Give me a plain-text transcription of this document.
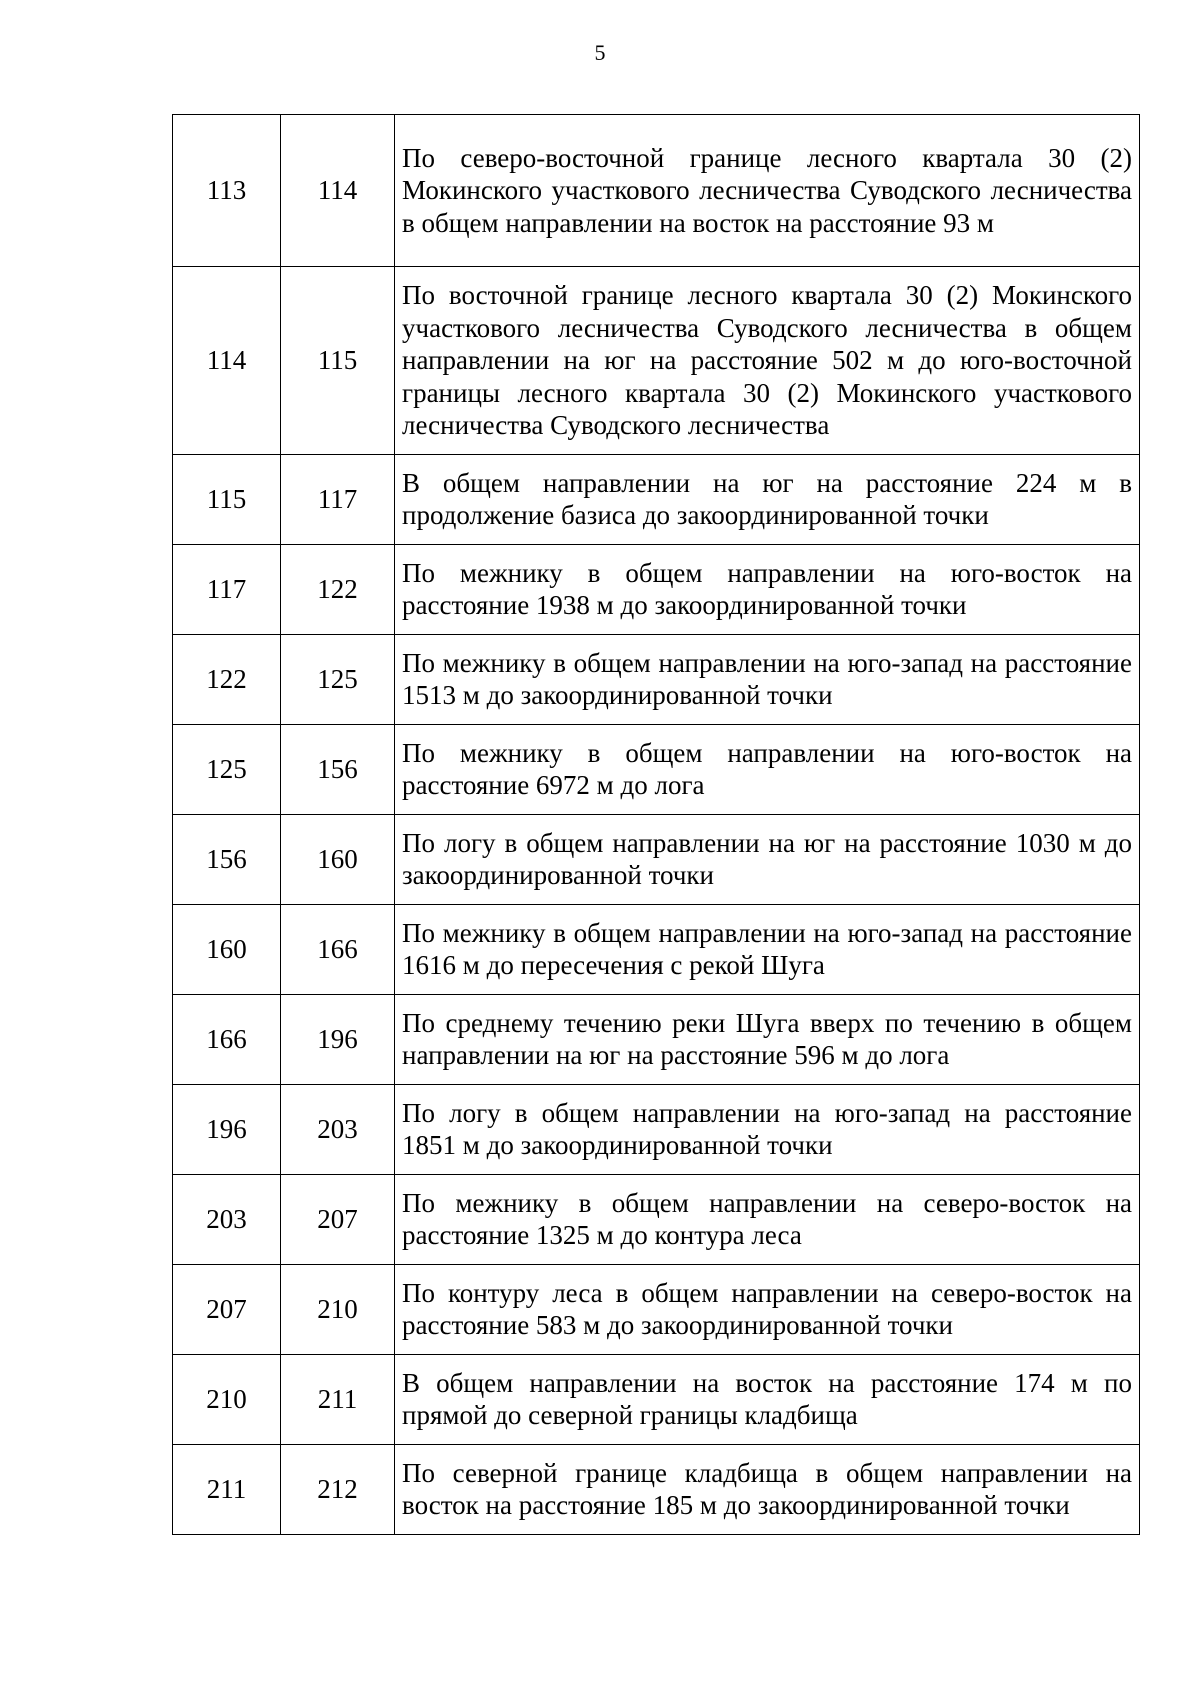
5
113	114	По северо-восточной границе лесного квартала 30 (2) Мокинского участкового лесничества Суводского лесничества в общем направлении на восток на расстояние 93 м
114	115	По восточной границе лесного квартала 30 (2) Мокинского участкового лесничества Суводского лесничества в общем направлении на юг на расстояние 502 м до юго-восточной границы лесного квартала 30 (2) Мокинского участкового лесничества Суводского лесничества
115	117	В общем направлении на юг на расстояние 224 м в продолжение базиса до закоординированной точки
117	122	По межнику в общем направлении на юго-восток на расстояние 1938 м до закоординированной точки
122	125	По межнику в общем направлении на юго-запад на расстояние 1513 м до закоординированной точки
125	156	По межнику в общем направлении на юго-восток на расстояние 6972 м до лога
156	160	По логу в общем направлении на юг на расстояние 1030 м до закоординированной точки
160	166	По межнику в общем направлении на юго-запад на расстояние 1616 м до пересечения с рекой Шуга
166	196	По среднему течению реки Шуга вверх по течению в общем направлении на юг на расстояние 596 м до лога
196	203	По логу в общем направлении на юго-запад на расстояние 1851 м до закоординированной точки
203	207	По межнику в общем направлении на северо-восток на расстояние 1325 м до контура леса
207	210	По контуру леса в общем направлении на северо-восток на расстояние 583 м до закоординированной точки
210	211	В общем направлении на восток на расстояние 174 м по прямой до северной границы кладбища
211	212	По северной границе кладбища в общем направлении на восток на расстояние 185 м до закоординированной точки
